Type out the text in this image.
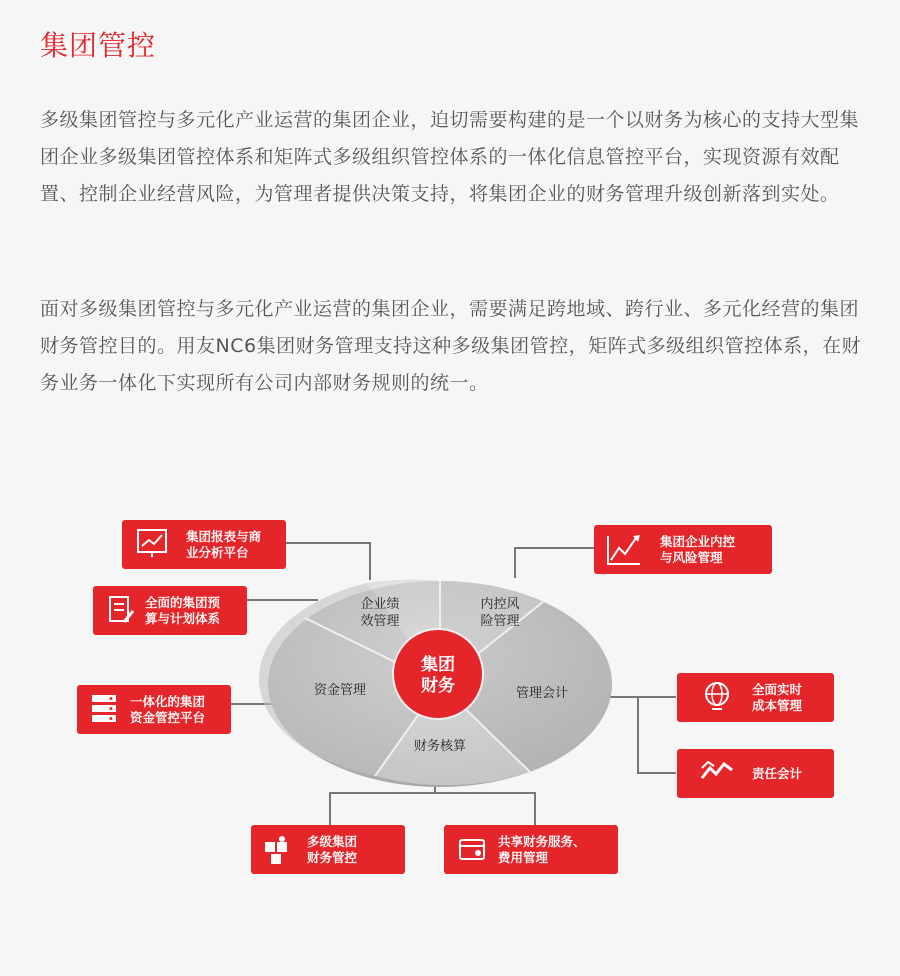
集团管控

多级集团管控与多元化产业运营的集团企业，迫切需要构建的是一个以财务为核心的支持大型集团企业多级集团管控体系和矩阵式多级组织管控体系的一体化信息管控平台，实现资源有效配置、控制企业经营风险，为管理者提供决策支持，将集团企业的财务管理升级创新落到实处。

面对多级集团管控与多元化产业运营的集团企业，需要满足跨地域、跨行业、多元化经营的集团财务管控目的。用友NC6集团财务管理支持这种多级集团管控，矩阵式多级组织管控体系，在财务业务一体化下实现所有公司内部财务规则的统一。

企业绩效管理
内控风险管理
管理会计
财务核算
资金管理
集团财务
集团报表与商业分析平台
全面的集团预算与计划体系
一体化的集团资金管控平台
集团企业内控与风险管理
全面实时成本管理
责任会计
多级集团财务管控
共享财务服务、费用管理
